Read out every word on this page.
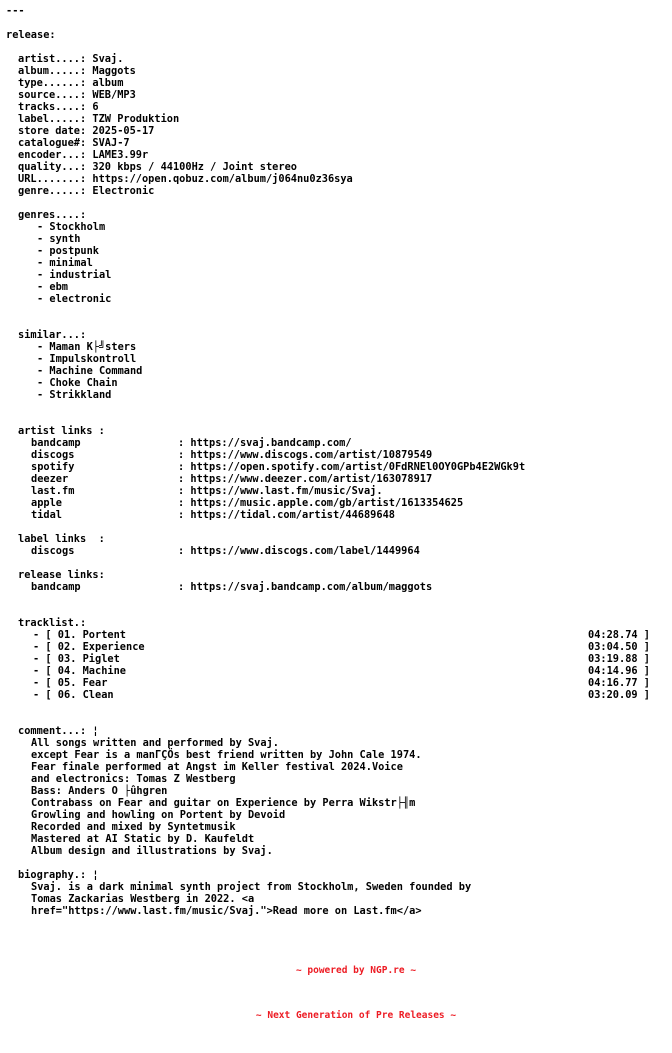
---
release:
artist....: Svaj.
album.....: Maggots
type......: album
source....: WEB/MP3
tracks....: 6
label.....: TZW Produktion
store date: 2025-05-17
catalogue#: SVAJ-7
encoder...: LAME3.99r
quality...: 320 kbps / 44100Hz / Joint stereo
URL.......: https://open.qobuz.com/album/j064nu0z36sya
genre.....: Electronic
genres....:
- Stockholm
- synth
- postpunk
- minimal
- industrial
- ebm
- electronic
similar...:
- Maman K├╝sters
- Impulskontroll
- Machine Command
- Choke Chain
- Strikkland
artist links :
bandcamp	: https://svaj.bandcamp.com/
discogs	: https://www.discogs.com/artist/10879549
spotify	: https://open.spotify.com/artist/0FdRNEl0OY0GPb4E2WGk9t
deezer	: https://www.deezer.com/artist/163078917
last.fm	: https://www.last.fm/music/Svaj.
apple	: https://music.apple.com/gb/artist/1613354625
tidal	: https://tidal.com/artist/44689648
label links  :
discogs	: https://www.discogs.com/label/1449964
release links:
bandcamp	: https://svaj.bandcamp.com/album/maggots
tracklist.:
- [ 01. Portent	04:28.74 ]
- [ 02. Experience	03:04.50 ]
- [ 03. Piglet	03:19.88 ]
- [ 04. Machine	04:14.96 ]
- [ 05. Fear	04:16.77 ]
- [ 06. Clean	03:20.09 ]
comment...: ¦
All songs written and performed by Svaj.
except Fear is a manΓÇÖs best friend written by John Cale 1974.
Fear finale performed at Angst im Keller festival 2024.Voice
and electronics: Tomas Z Westberg
Bass: Anders O ├ûhgren
Contrabass on Fear and guitar on Experience by Perra Wikstr├╢m
Growling and howling on Portent by Devoid
Recorded and mixed by Syntetmusik
Mastered at AI Static by D. Kaufeldt
Album design and illustrations by Svaj.
biography.: ¦
Svaj. is a dark minimal synth project from Stockholm, Sweden founded by
Tomas Zackarias Westberg in 2022. <a
href="https://www.last.fm/music/Svaj.">Read more on Last.fm</a>

~ powered by NGP.re ~

~ Next Generation of Pre Releases ~
